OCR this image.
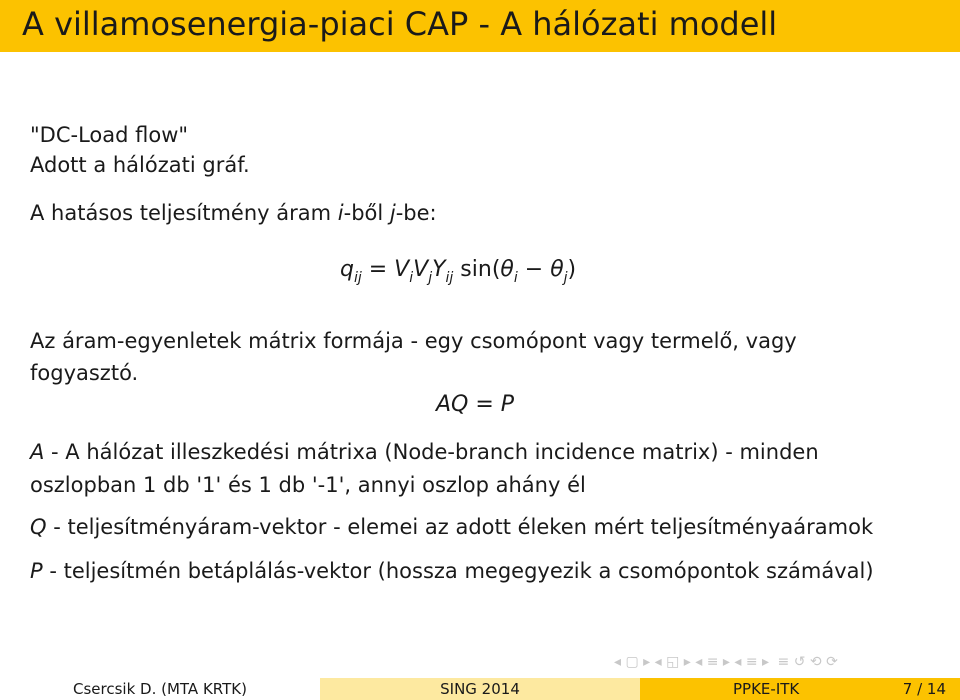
A villamosenergia-piaci CAP - A hálózati modell
"DC-Load flow"
Adott a hálózati gráf.
A hatásos teljesítmény áram i-ből j-be:
$q_{ij} = V_iV_jY_{ij}$ $\sin(\theta_i - \theta_j)$
Az áram-egyenletek mátrix formája - egy csomópont vagy termelő, vagy
fogyasztó.
AQ = P
A - A hálózat illeszkedési mátrixa (Node-branch incidence matrix) - minden
oszlopban 1 db '1' és 1 db '-1', annyi oszlop ahány él
Q - teljesítményáram-vektor - elemei az adott éleken mért teljesítményaáramok
P - teljesítmén betáplálás-vektor (hossza megegyezik a csomópontok számával)
◂ ▢ ▸ ◂ ◱ ▸ ◂ ≡ ▸ ◂ ≡ ▸ ≡ ↺ ⟲ ⟳
Csercsik D. (MTA KRTK)	SING 2014	PPKE-ITK	7 / 14
